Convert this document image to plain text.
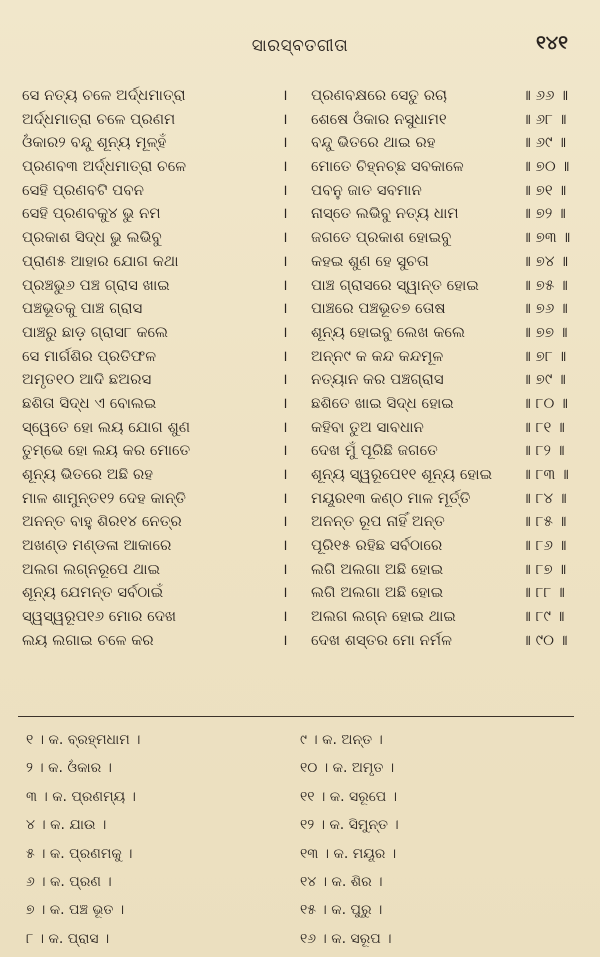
ସାରସ୍ବତଗୀତା	୧୪୧
ସେ ନତ୍ୟ ଚଳେ ଅର୍ଦ୍ଧମାତ୍ରା	। ପ୍ରଣବକ୍ଷରେ ସେତୁ ରଚା	॥ ୬୬ ॥
ଅର୍ଦ୍ଧମାତ୍ରା ଚଳେ ପ୍ରଣମ	। ଶେଷେ ଓଁକାର ନସୁଧାମ୧	॥ ୬୮ ॥
ଓଁକାର୨ ବନ୍ଦୁ ଶୂନ୍ୟ ମୂଳ୍ହଁ	। ବନ୍ଦୁ ଭିତରେ ଥାଇ ରହ	॥ ୬୯ ॥
ପ୍ରଣବ୩ ଅର୍ଦ୍ଧମାତ୍ରା ଚଳେ	। ମୋତେ ଚିହ୍ନଚ୍ଛ ସବକାଳେ	॥ ୭୦ ॥
ସେହି ପ୍ରଣବଟି ପବନ	। ପବନୁ ଜାତ ସବମାନ	॥ ୭୧ ॥
ସେହି ପ୍ରଣବକୁ୪ ଭୁ ନମ	। ନାସ୍ତେ ଲଭିବୁ ନତ୍ୟ ଧାମ	॥ ୭୨ ॥
ପ୍ରକାଶ ସିଦ୍ଧ ଭୁ ଲଭିବୁ	। ଜଗତେ ପ୍ରକାଶ ହୋଇବୁ	॥ ୭୩ ॥
ପ୍ରାଣ୫ ଆହାର ଯୋଗ କଥା	। କହଇ ଶୁଣ ହେ ସୁଚତା	॥ ୭୪ ॥
ପ୍ରଞ୍ଚଭୁ୬ ପଞ୍ଚ ଗ୍ରାସ ଖାଇ	। ପାଞ୍ଚ ଗ୍ରାସରେ ସ୍ୱାନ୍ତ ହୋଇ	॥ ୭୫ ॥
ପଞ୍ଚଭୂତକୁ ପାଞ୍ଚ ଗ୍ରାସ	। ପାଞ୍ଚରେ ପଞ୍ଚଭୂତ୭ ତୋଷ	॥ ୭୬ ॥
ପାଞ୍ଚରୁ ଛାଡ଼ ଗ୍ରାସ୮ କଲେ	। ଶୂନ୍ୟ ହୋଇବୁ ଲେଖ କଲେ	॥ ୭୭ ॥
ସେ ମାର୍ଗଶିର ପ୍ରତିଫଳ	। ଅନ୍ନ୯ କ କନ୍ଦ କନ୍ଦମୂଳ	॥ ୭୮ ॥
ଅମୃତ୧୦ ଆଦି ଛଅରସ	। ନତ୍ୟାନ କର ପଞ୍ଚଗ୍ରାସ	॥ ୭୯ ॥
ଛଶିତା ସିଦ୍ଧ ଏ ବୋଲଇ	। ଛଶିତେ ଖାଇ ସିଦ୍ଧ ହୋଇ	॥ ୮୦ ॥
ସ୍ୱେତେ ହୋ ଲୟ ଯୋଗ ଶୁଣ	। କହିବା ତୁଅ ସାବଧାନ	॥ ୮୧ ॥
ତୁମ୍ଭେ ହୋ ଲୟ କର ମୋତେ	। ଦେଖ ମୁଁ ପୂରିଛି ଜଗତେ	॥ ୮୨ ॥
ଶୂନ୍ୟ ଭିତରେ ଅଛି ରହ	। ଶୂନ୍ୟ ସ୍ୱରୂପେ୧୧ ଶୂନ୍ୟ ହୋଇ ॥ ୮୩ ॥
ମାଳ ଶାମୁନ୍ତ୧୨ ଦେହ କାନ୍ତି	। ମୟୂର୧୩ କଣ୍ଠ ମାଳ ମୂର୍ତ୍ତି	॥ ୮୪ ॥
ଅନନ୍ତ ବାହୁ ଶିର୧୪ ନେତ୍ର	। ଅନନ୍ତ ରୂପ ନାହିଁ ଅନ୍ତ	॥ ୮୫ ॥
ଅଖଣ୍ଡ ମଣ୍ଡଳା ଆକାରେ	। ପୂରି୧୫ ରହିଛ ସର୍ବଠାରେ	॥ ୮୬ ॥
ଅଲଗ ଲଗ୍ନରୂପେ ଥାଇ	। ଲଗି ଅଲଗା ଅଛି ହୋଇ	॥ ୮୭ ॥
ଶୂନ୍ୟ ଯେମନ୍ତ ସର୍ବଠାଇଁ	। ଲଗି ଅଲଗା ଅଛି ହୋଇ	॥ ୮୮ ॥
ସ୍ୱସ୍ୱରୂପ୧୬ ମୋର ଦେଖ	। ଅଲଗ ଲଗ୍ନ ହୋଇ ଥାଇ	॥ ୮୯ ॥
ଲୟ ଲଗାଇ ଚଳେ କର	। ଦେଖ ଶସ୍ତର ମୋ ନର୍ମଳ	॥ ୯୦ ॥
୧ । କ. ବ୍ରହ୍ମଧାମ ।	୯ । କ. ଅନ୍ତ ।
୨ । କ. ଓଁକାର ।	୧୦ । କ. ଅମୃତ ।
୩ । କ. ପ୍ରଣମ୍ୟ ।	୧୧ । କ. ସରୂପେ ।
୪ । କ. ଯାଉ ।	୧୨ । କ. ସିମୁନ୍ତ ।
୫ । କ. ପ୍ରଣମକୁ ।	୧୩ । କ. ମୟୂର ।
୬ । କ. ପ୍ରଣ ।	୧୪ । କ. ଶିର ।
୭ । କ. ପଞ୍ଚ ଭୂତ ।	୧୫ । କ. ପୁରୁ ।
୮ । କ. ପ୍ରାସ ।	୧୬ । କ. ସରୂପ ।
